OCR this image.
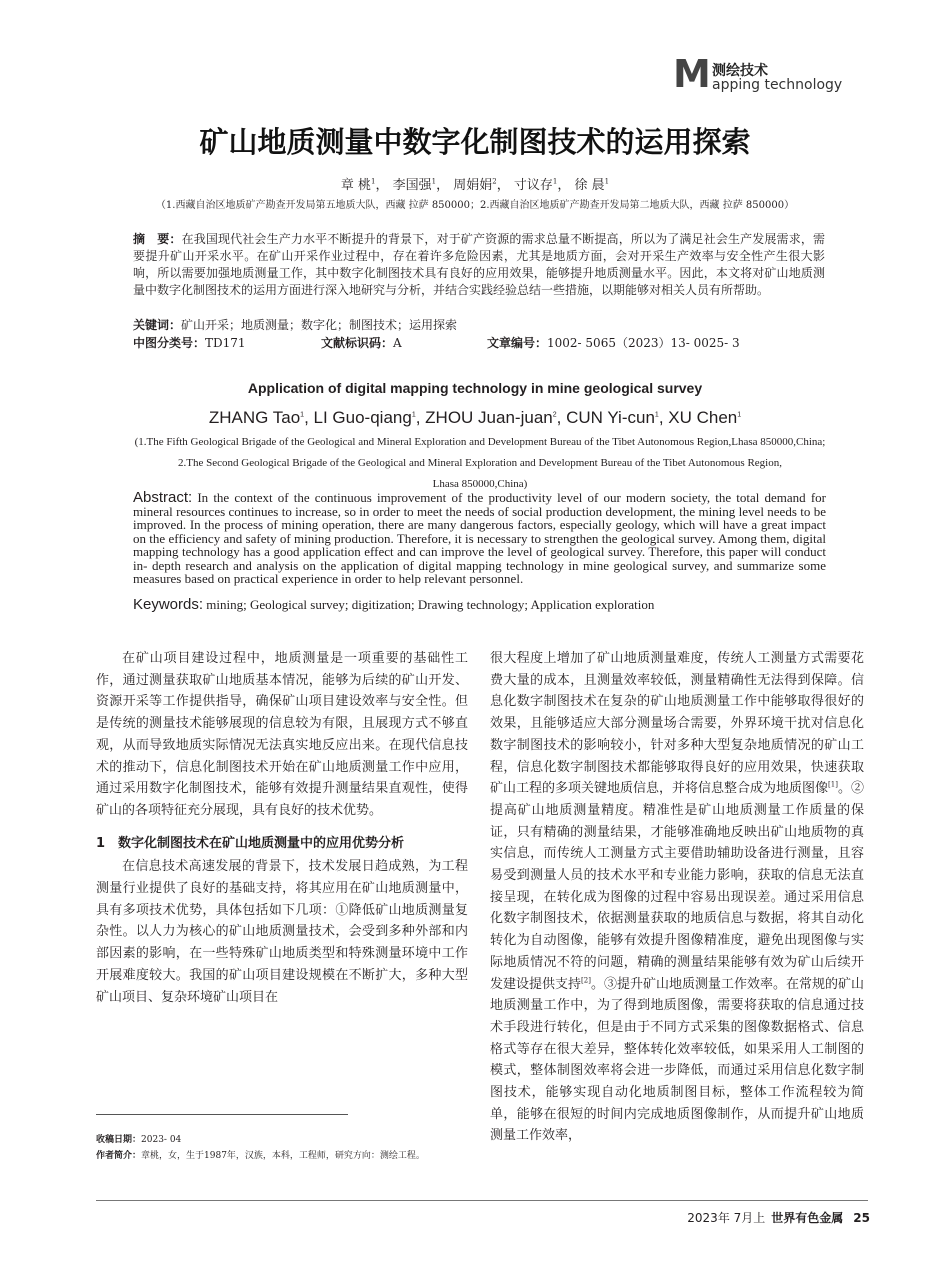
M 测绘技术
apping technology
矿山地质测量中数字化制图技术的运用探索
章 桃$^1$， 李国强$^1$， 周娟娟$^2$， 寸议存$^1$， 徐 晨$^1$
（1.西藏自治区地质矿产勘查开发局第五地质大队，西藏 拉萨 850000；2.西藏自治区地质矿产勘查开发局第二地质大队，西藏 拉萨 850000）
摘　要：在我国现代社会生产力水平不断提升的背景下，对于矿产资源的需求总量不断提高，所以为了满足社会生产发展需求，需要提升矿山开采水平。在矿山开采作业过程中，存在着许多危险因素，尤其是地质方面，会对开采生产效率与安全性产生很大影响，所以需要加强地质测量工作，其中数字化制图技术具有良好的应用效果，能够提升地质测量水平。因此，本文将对矿山地质测量中数字化制图技术的运用方面进行深入地研究与分析，并结合实践经验总结一些措施，以期能够对相关人员有所帮助。
关键词：矿山开采；地质测量；数字化；制图技术；运用探索
中图分类号：TD171	文献标识码：A	文章编号：1002- 5065（2023）13- 0025- 3
Application of digital mapping technology in mine geological survey
ZHANG Tao$^1$, LI Guo-qiang$^1$, ZHOU Juan-juan$^2$, CUN Yi-cun$^1$, XU Chen$^1$
(1.The Fifth Geological Brigade of the Geological and Mineral Exploration and Development Bureau of the Tibet Autonomous Region,Lhasa 850000,China;
2.The Second Geological Brigade of the Geological and Mineral Exploration and Development Bureau of the Tibet Autonomous Region,
Lhasa 850000,China)
Abstract: In the context of the continuous improvement of the productivity level of our modern society, the total demand for mineral resources continues to increase, so in order to meet the needs of social production development, the mining level needs to be improved. In the process of mining operation, there are many dangerous factors, especially geology, which will have a great impact on the efficiency and safety of mining production. Therefore, it is necessary to strengthen the geological survey. Among them, digital mapping technology has a good application effect and can improve the level of geological survey. Therefore, this paper will conduct in- depth research and analysis on the application of digital mapping technology in mine geological survey, and summarize some measures based on practical experience in order to help relevant personnel.
Keywords: mining; Geological survey; digitization; Drawing technology; Application exploration

在矿山项目建设过程中，地质测量是一项重要的基础性工作，通过测量获取矿山地质基本情况，能够为后续的矿山开发、资源开采等工作提供指导，确保矿山项目建设效率与安全性。但是传统的测量技术能够展现的信息较为有限，且展现方式不够直观，从而导致地质实际情况无法真实地反应出来。在现代信息技术的推动下，信息化制图技术开始在矿山地质测量工作中应用，通过采用数字化制图技术，能够有效提升测量结果直观性，使得矿山的各项特征充分展现，具有良好的技术优势。

1　数字化制图技术在矿山地质测量中的应用优势分析

在信息技术高速发展的背景下，技术发展日趋成熟，为工程测量行业提供了良好的基础支持，将其应用在矿山地质测量中，具有多项技术优势，具体包括如下几项：①降低矿山地质测量复杂性。以人力为核心的矿山地质测量技术，会受到多种外部和内部因素的影响，在一些特殊矿山地质类型和特殊测量环境中工作开展难度较大。我国的矿山项目建设规模在不断扩大，多种大型矿山项目、复杂环境矿山项目在

很大程度上增加了矿山地质测量难度，传统人工测量方式需要花费大量的成本，且测量效率较低，测量精确性无法得到保障。信息化数字制图技术在复杂的矿山地质测量工作中能够取得很好的效果，且能够适应大部分测量场合需要，外界环境干扰对信息化数字制图技术的影响较小，针对多种大型复杂地质情况的矿山工程，信息化数字制图技术都能够取得良好的应用效果，快速获取矿山工程的多项关键地质信息，并将信息整合成为地质图像[1]。②提高矿山地质测量精度。精准性是矿山地质测量工作质量的保证，只有精确的测量结果，才能够准确地反映出矿山地质物的真实信息，而传统人工测量方式主要借助辅助设备进行测量，且容易受到测量人员的技术水平和专业能力影响，获取的信息无法直接呈现，在转化成为图像的过程中容易出现误差。通过采用信息化数字制图技术，依据测量获取的地质信息与数据，将其自动化转化为自动图像，能够有效提升图像精准度，避免出现图像与实际地质情况不符的问题，精确的测量结果能够有效为矿山后续开发建设提供支持[2]。③提升矿山地质测量工作效率。在常规的矿山地质测量工作中，为了得到地质图像，需要将获取的信息通过技术手段进行转化，但是由于不同方式采集的图像数据格式、信息格式等存在很大差异，整体转化效率较低，如果采用人工制图的模式，整体制图效率将会进一步降低，而通过采用信息化数字制图技术，能够实现自动化地质制图目标，整体工作流程较为简单，能够在很短的时间内完成地质图像制作，从而提升矿山地质测量工作效率，

收稿日期：2023- 04
作者简介：章桃，女，生于1987年，汉族，本科，工程师，研究方向：测绘工程。
2023年 7月上 世界有色金属 25
